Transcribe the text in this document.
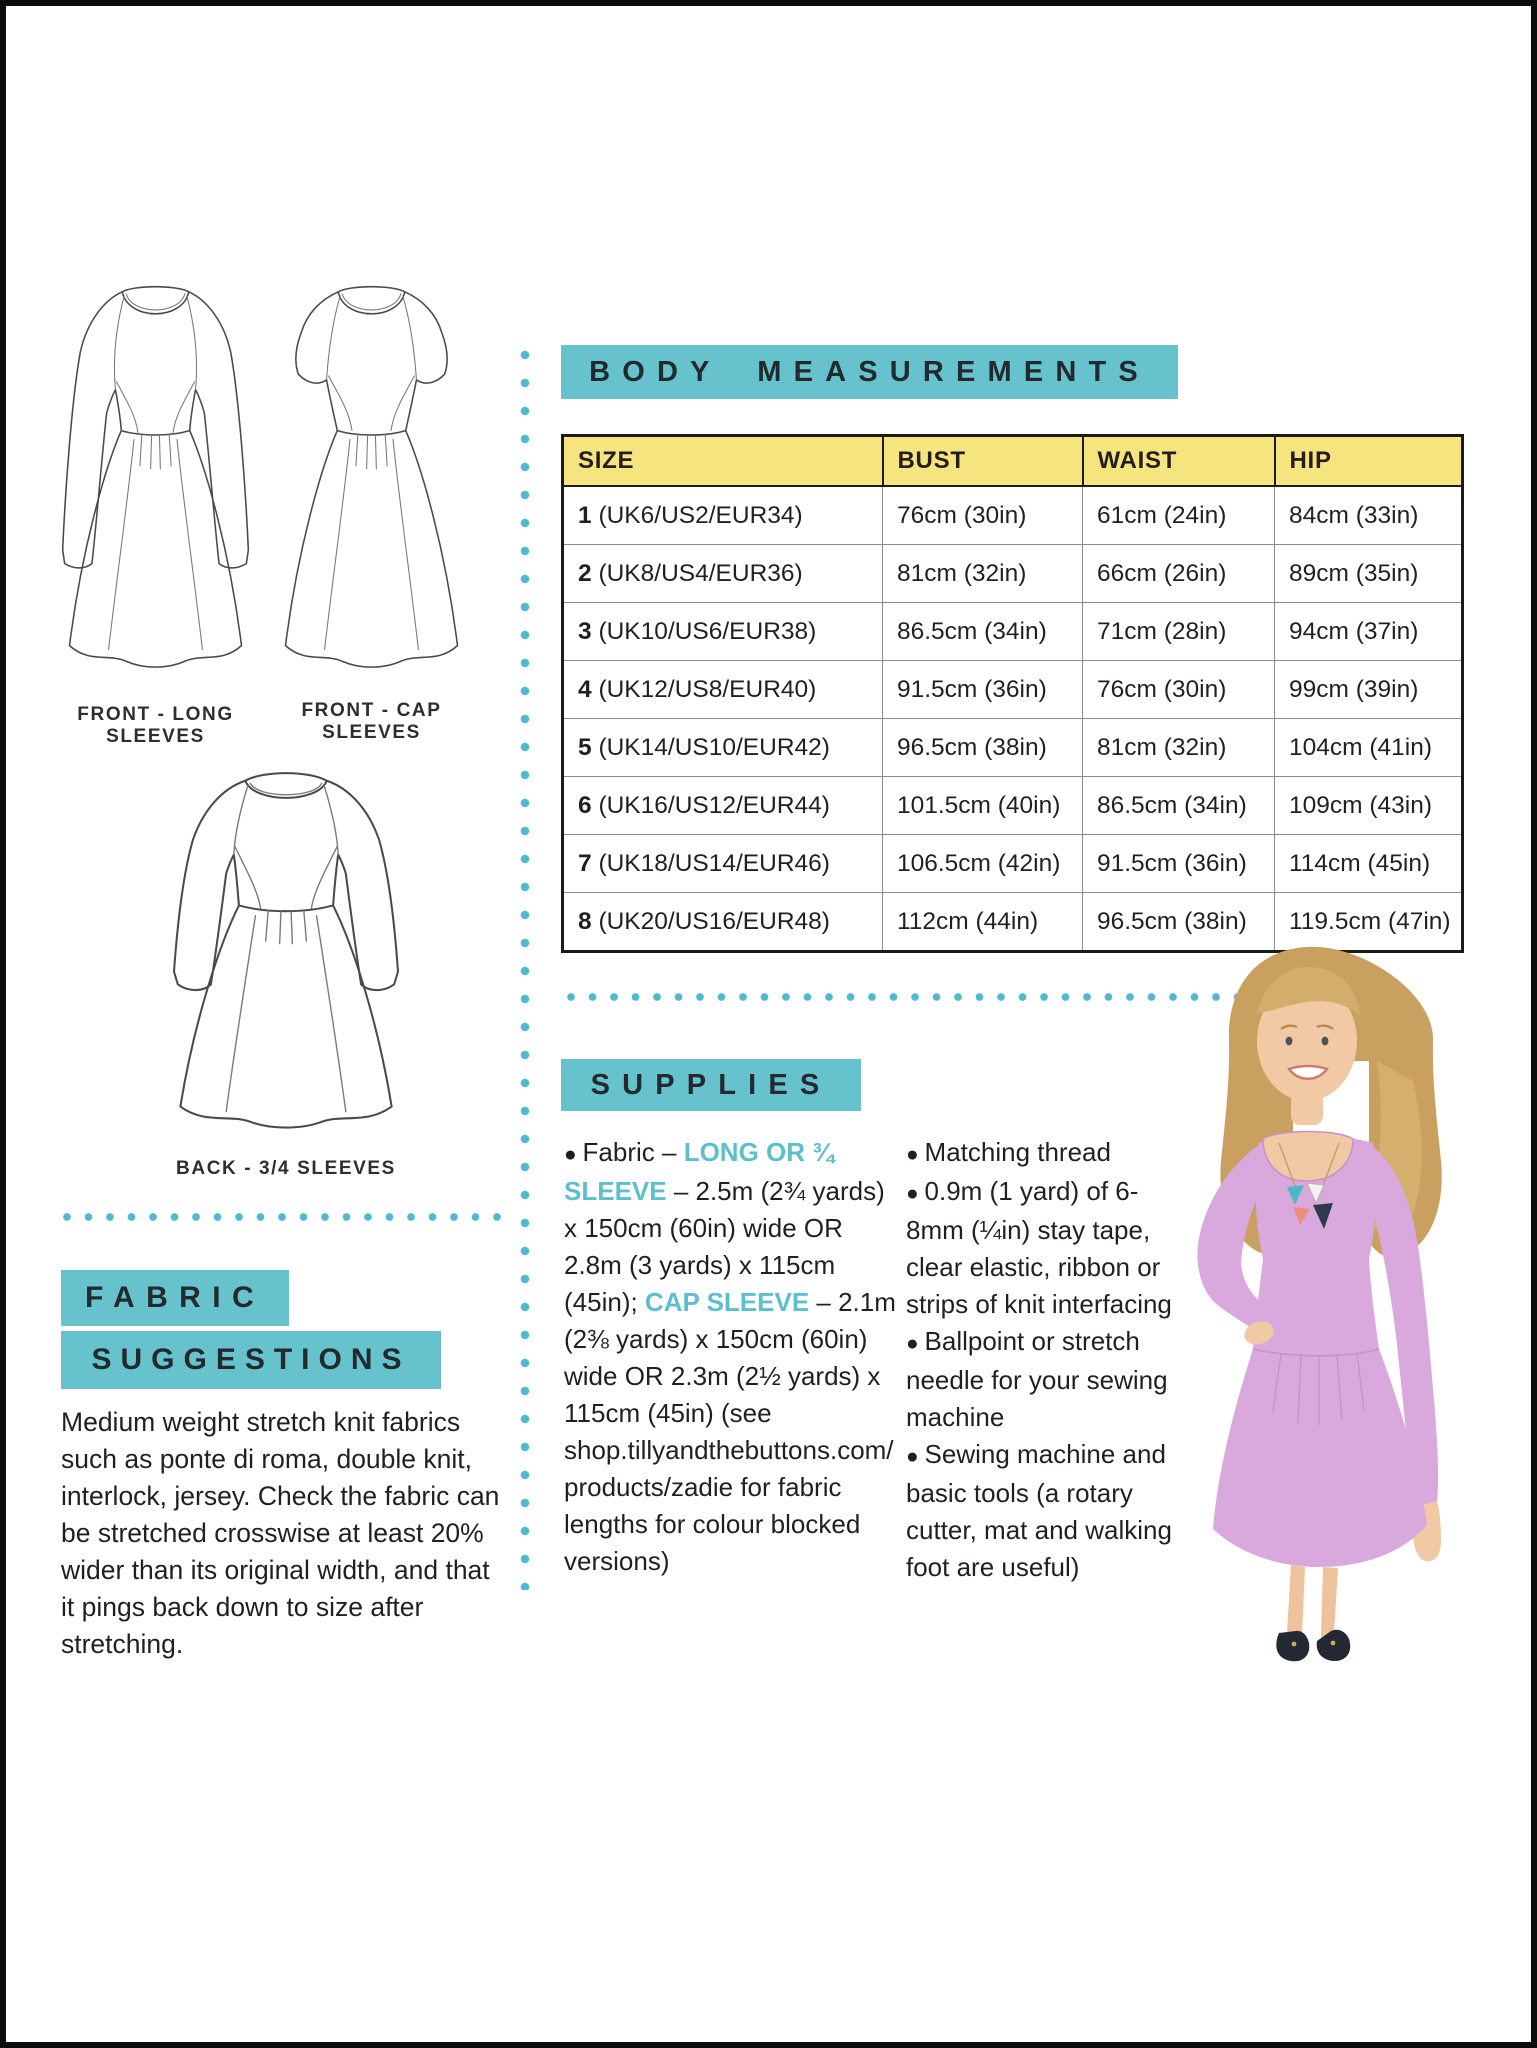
FRONT - LONG SLEEVES
FRONT - CAP SLEEVES
BACK - 3/4 SLEEVES
BODY MEASUREMENTS
SIZE	BUST	WAIST	HIP
1 (UK6/US2/EUR34)	76cm (30in)	61cm (24in)	84cm (33in)
2 (UK8/US4/EUR36)	81cm (32in)	66cm (26in)	89cm (35in)
3 (UK10/US6/EUR38)	86.5cm (34in)	71cm (28in)	94cm (37in)
4 (UK12/US8/EUR40)	91.5cm (36in)	76cm (30in)	99cm (39in)
5 (UK14/US10/EUR42)	96.5cm (38in)	81cm (32in)	104cm (41in)
6 (UK16/US12/EUR44)	101.5cm (40in)	86.5cm (34in)	109cm (43in)
7 (UK18/US14/EUR46)	106.5cm (42in)	91.5cm (36in)	114cm (45in)
8 (UK20/US16/EUR48)	112cm (44in)	96.5cm (38in)	119.5cm (47in)
SUPPLIES
● Fabric – LONG OR ¾ SLEEVE – 2.5m (2¾ yards) x 150cm (60in) wide OR 2.8m (3 yards) x 115cm (45in); CAP SLEEVE – 2.1m (2⅜ yards) x 150cm (60in) wide OR 2.3m (2½ yards) x 115cm (45in) (see shop.tillyandthebuttons.com/products/zadie for fabric lengths for colour blocked versions)
● Matching thread
● 0.9m (1 yard) of 6-8mm (¼in) stay tape, clear elastic, ribbon or strips of knit interfacing
● Ballpoint or stretch needle for your sewing machine
● Sewing machine and basic tools (a rotary cutter, mat and walking foot are useful)
FABRIC
SUGGESTIONS
Medium weight stretch knit fabrics such as ponte di roma, double knit, interlock, jersey. Check the fabric can be stretched crosswise at least 20% wider than its original width, and that it pings back down to size after stretching.
